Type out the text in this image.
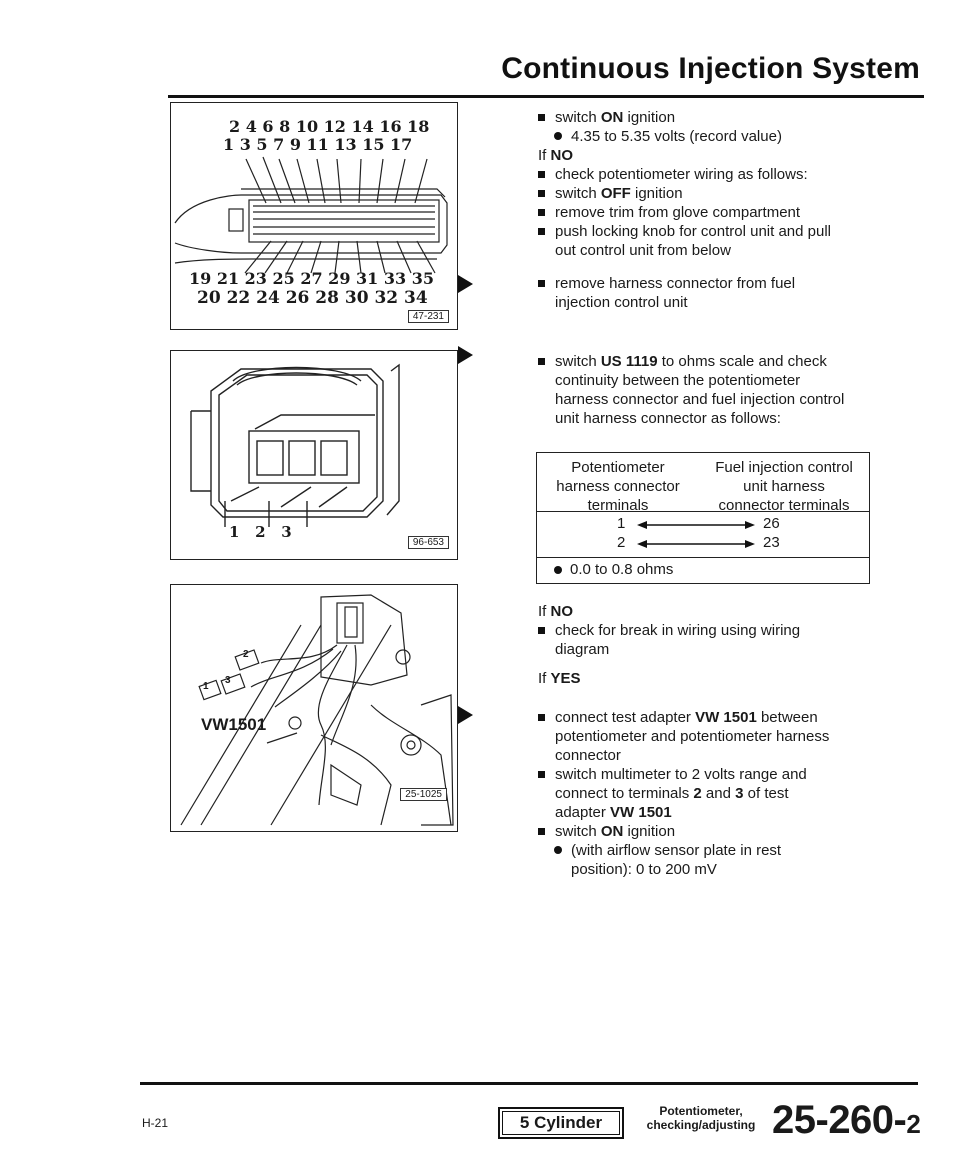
Continuous Injection System
2 4 6 8 10 12 14 16 18
1 3 5 7 9 11 13 15 17
19 21 23 25 27 29 31 33 35
20 22 24 26 28 30 32 34
47-231
1   2   3
96-653
VW1501
25-1025
2
3
1
switch ON ignition
4.35 to 5.35 volts (record value)
If NO
check potentiometer wiring as follows:
switch OFF ignition
remove trim from glove compartment
push locking knob for control unit and pull
out control unit from below
remove harness connector from fuel
injection control unit
switch US 1119 to ohms scale and check
continuity between the potentiometer
harness connector and fuel injection control
unit harness connector as follows:
Potentiometer
harness connector
terminals
Fuel injection control
unit harness
connector terminals
1	26
2	23
0.0 to 0.8 ohms
If NO
check for break in wiring using wiring
diagram
If YES
connect test adapter VW 1501 between
potentiometer and potentiometer harness
connector
switch multimeter to 2 volts range and
connect to terminals 2 and 3 of test
adapter VW 1501
switch ON ignition
(with airflow sensor plate in rest
position): 0 to 200 mV
H-21	5 Cylinder
Potentiometer,
checking/adjusting 25-260-2
